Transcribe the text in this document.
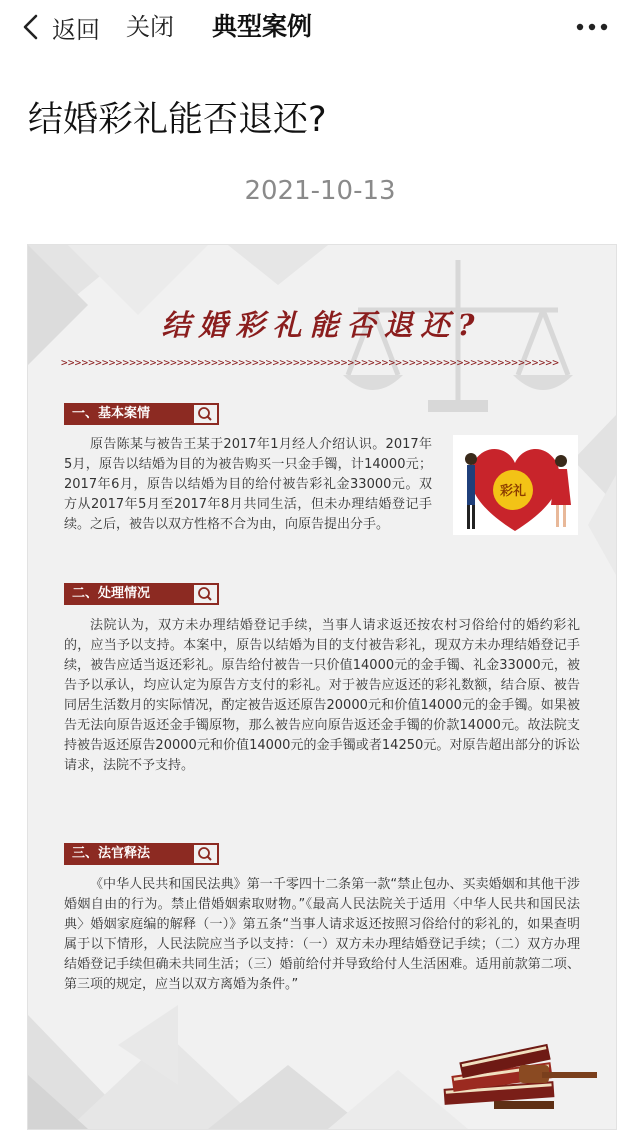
返回 关闭 典型案例
结婚彩礼能否退还?
2021-10-13
结婚彩礼能否退还?
>>>>>>>>>>>>>>>>>>>>>>>>>>>>>>>>>>>>>>>>>>>>>>>>>>>>>>>>>>>>>>>>>>>>>>>>>
一、基本案情
原告陈某与被告王某于2017年1月经人介绍认识。2017年5月，原告以结婚为目的为被告购买一只金手镯，计14000元；2017年6月，原告以结婚为目的给付被告彩礼金33000元。双方从2017年5月至2017年8月共同生活，但未办理结婚登记手续。之后，被告以双方性格不合为由，向原告提出分手。
彩礼
二、处理情况
法院认为，双方未办理结婚登记手续，当事人请求返还按农村习俗给付的婚约彩礼的，应当予以支持。本案中，原告以结婚为目的支付被告彩礼，现双方未办理结婚登记手续，被告应适当返还彩礼。原告给付被告一只价值14000元的金手镯、礼金33000元，被告予以承认，均应认定为原告方支付的彩礼。对于被告应返还的彩礼数额，结合原、被告同居生活数月的实际情况，酌定被告返还原告20000元和价值14000元的金手镯。如果被告无法向原告返还金手镯原物，那么被告应向原告返还金手镯的价款14000元。故法院支持被告返还原告20000元和价值14000元的金手镯或者14250元。对原告超出部分的诉讼请求，法院不予支持。
三、法官释法
《中华人民共和国民法典》第一千零四十二条第一款“禁止包办、买卖婚姻和其他干涉婚姻自由的行为。禁止借婚姻索取财物。”《最高人民法院关于适用〈中华人民共和国民法典〉婚姻家庭编的解释（一）》第五条“当事人请求返还按照习俗给付的彩礼的，如果查明属于以下情形，人民法院应当予以支持：（一）双方未办理结婚登记手续；（二）双方办理结婚登记手续但确未共同生活；（三）婚前给付并导致给付人生活困难。适用前款第二项、第三项的规定，应当以双方离婚为条件。”
